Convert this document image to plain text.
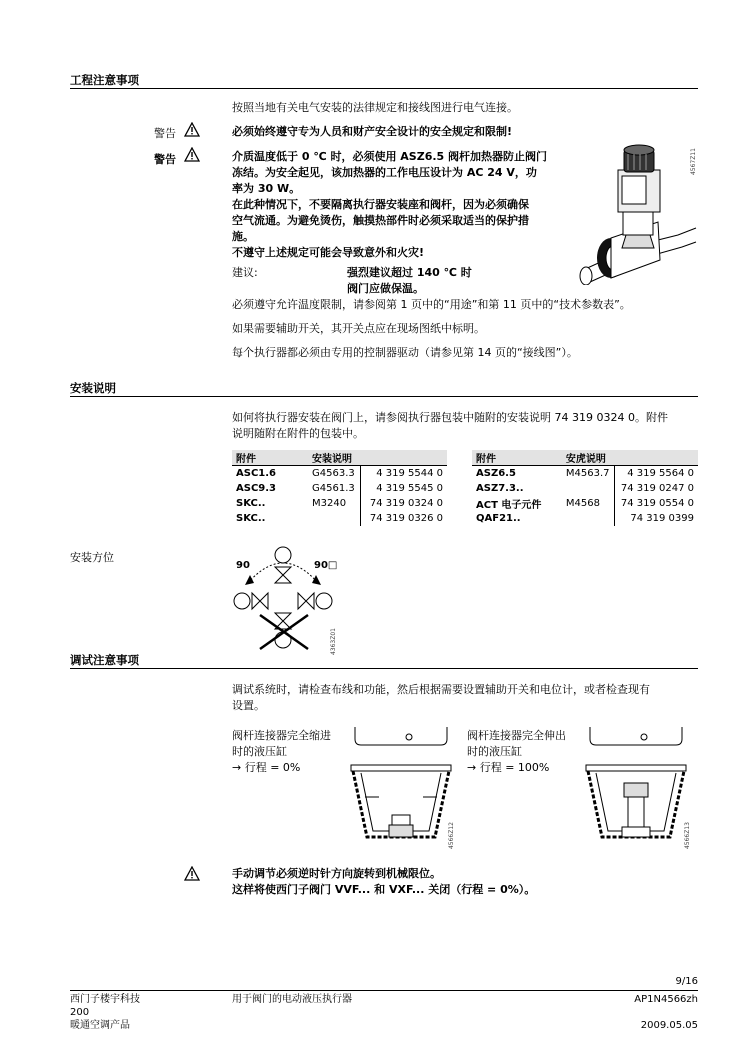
工程注意事项
按照当地有关电气安装的法律规定和接线图进行电气连接。
警告	必须始终遵守专为人员和财产安全设计的安全规定和限制!
警告	介质温度低于 0 ℃ 时，必须使用 ASZ6.5 阀杆加热器防止阀门
冻结。为安全起见，该加热器的工作电压设计为 AC 24 V，功
率为 30 W。
在此种情况下，不要隔离执行器安装座和阀杆，因为必须确保
空气流通。为避免烫伤，触摸热部件时必须采取适当的保护措
施。
不遵守上述规定可能会导致意外和火灾!
建议:	强烈建议超过 140 ℃ 时
阀门应做保温。
4567Z11
必须遵守允许温度限制，请参阅第 1 页中的“用途”和第 11 页中的“技术参数表”。
如果需要辅助开关，其开关点应在现场图纸中标明。
每个执行器都必须由专用的控制器驱动（请参见第 14 页的“接线图”）。
安装说明
如何将执行器安装在阀门上，请参阅执行器包装中随附的安装说明 74 319 0324 0。附件
说明随附在附件的包装中。
附件	安装说明	
ASC1.6	G4563.3	4 319 5544 0
ASC9.3	G4561.3	4 319 5545 0
SKC..	M3240	74 319 0324 0
SKC..		74 319 0326 0
附件	安虎说明	
ASZ6.5	M4563.7	4 319 5564 0
ASZ7.3..		74 319 0247 0
ACT 电子元件	M4568	74 319 0554 0
QAF21..		74 319 0399
安装方位
90	90□
4363Z01
调试注意事项
调试系统时，请检查布线和功能，然后根据需要设置辅助开关和电位计，或者检查现有
设置。
阀杆连接器完全缩进
时的液压缸
→ 行程 = 0%
阀杆连接器完全伸出
时的液压缸
→ 行程 = 100%
4566Z12	4566Z13
手动调节必须逆时针方向旋转到机械限位。
这样将使西门子阀门 VVF... 和 VXF... 关闭（行程 = 0%）。
9/16
西门子楼宇科技
200
暖通空调产品
用于阀门的电动液压执行器	AP1N4566zh
2009.05.05
